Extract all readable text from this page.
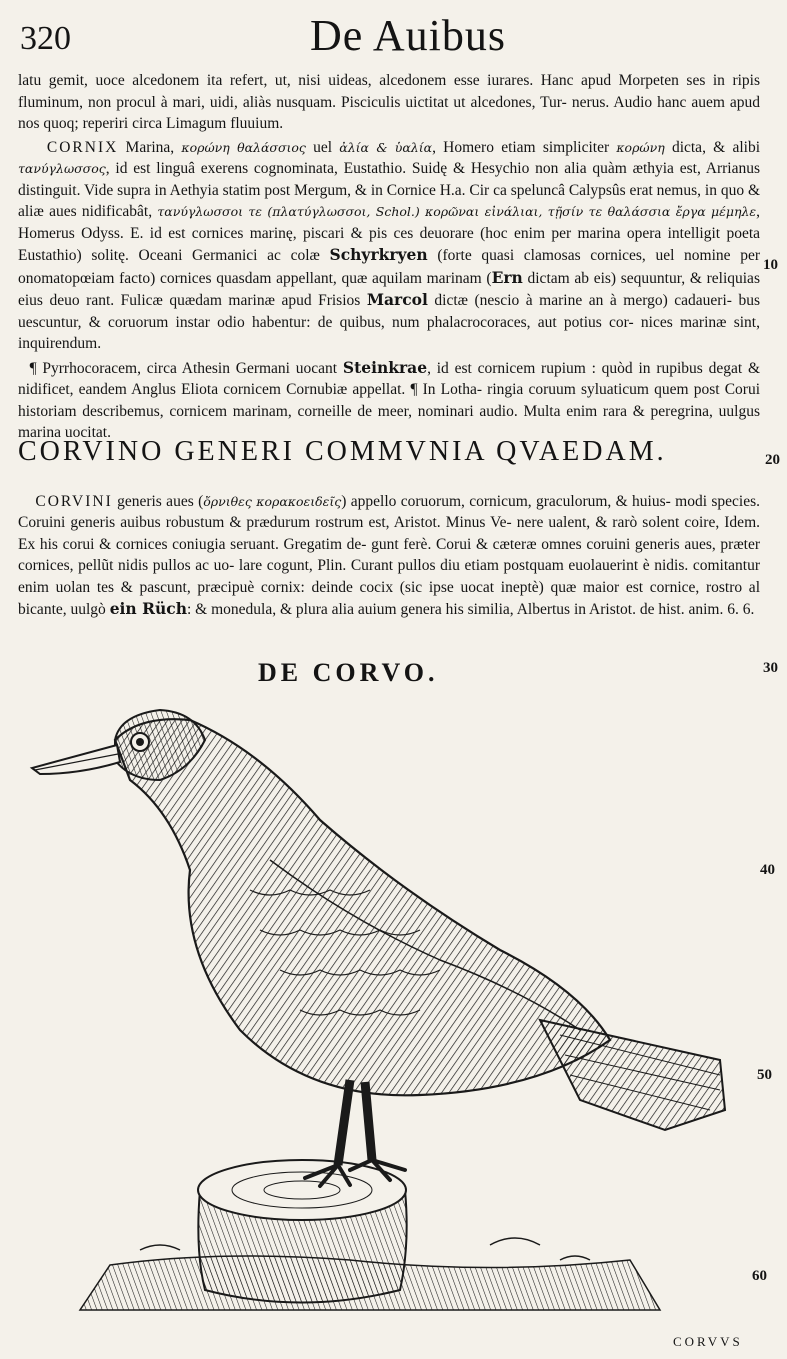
320	De Auibus

latu gemit, uoce alcedonem ita refert, ut, nisi uideas, alcedonem esse iurares. Hanc apud Morpeten ses in ripis fluminum, non procul à mari, uidi, aliàs nusquam. Pisciculis uictitat ut alcedones, Tur- nerus. Audio hanc auem apud nos quoq; reperiri circa Limagum fluuium.

CORNIX Marina, κορώνη θαλάσσιος uel ἀλία & ὑαλία, Homero etiam simpliciter κορώνη dicta, & alibi τανύγλωσσος, id est linguâ exerens cognominata, Eustathio. Suidę & Hesychio non alia quàm æthyia est, Arrianus distinguit. Vide supra in Aethyia statim post Mergum, & in Cornice H.a. Cir ca speluncâ Calypsûs erat nemus, in quo & aliæ aues nidificabât, τανύγλωσσοι τε (πλατύγλωσσοι, Schol.) κορῶναι εἰνάλιαι, τῇσίν τε θαλάσσια ἔργα μέμηλε, Homerus Odyss. E. id est cornices marinę, piscari & pis ces deuorare (hoc enim per marina opera intelligit poeta Eustathio) solitę. Oceani Germanici ac colæ Schyrkryen (forte quasi clamosas cornices, uel nomine per onomatopœiam facto) cornices quasdam appellant, quæ aquilam marinam (Ern dictam ab eis) sequuntur, & reliquias eius deuo rant. Fulicæ quædam marinæ apud Frisios Marcol dictæ (nescio à marine an à mergo) cadaueri- bus uescuntur, & coruorum instar odio habentur: de quibus, num phalacrocoraces, aut potius cor- nices marinæ sint, inquirendum.

¶ Pyrrhocoracem, circa Athesin Germani uocant Steinkrae, id est cornicem rupium : quòd in rupibus degat & nidificet, eandem Anglus Eliota cornicem Cornubiæ appellat. ¶ In Lotha- ringia coruum syluaticum quem post Corui historiam describemus, cornicem marinam, corneille de meer, nominari audio. Multa enim rara & peregrina, uulgus marina uocitat.

CORVINO GENERI COMMVNIA QVAEDAM.

CORVINI generis aues (ὄρνιθες κορακοειδεῖς) appello coruorum, cornicum, graculorum, & huius- modi species. Coruini generis auibus robustum & prædurum rostrum est, Aristot. Minus Ve- nere ualent, & rarò solent coire, Idem. Ex his corui & cornices coniugia seruant. Gregatim de- gunt ferè. Corui & cæteræ omnes coruini generis aues, præter cornices, pellũt nidis pullos ac uo- lare cogunt, Plin. Curant pullos diu etiam postquam euolauerint è nidis. comitantur enim uolan tes & pascunt, præcipuè cornix: deinde cocix (sic ipse uocat ineptè) quæ maior est cornice, rostro al bicante, uulgò ein Rüch: & monedula, & plura alia auium genera his similia, Albertus in Aristot. de hist. anim. 6. 6.

DE CORVO.
10
20
30
40
50
60
CORVVS
